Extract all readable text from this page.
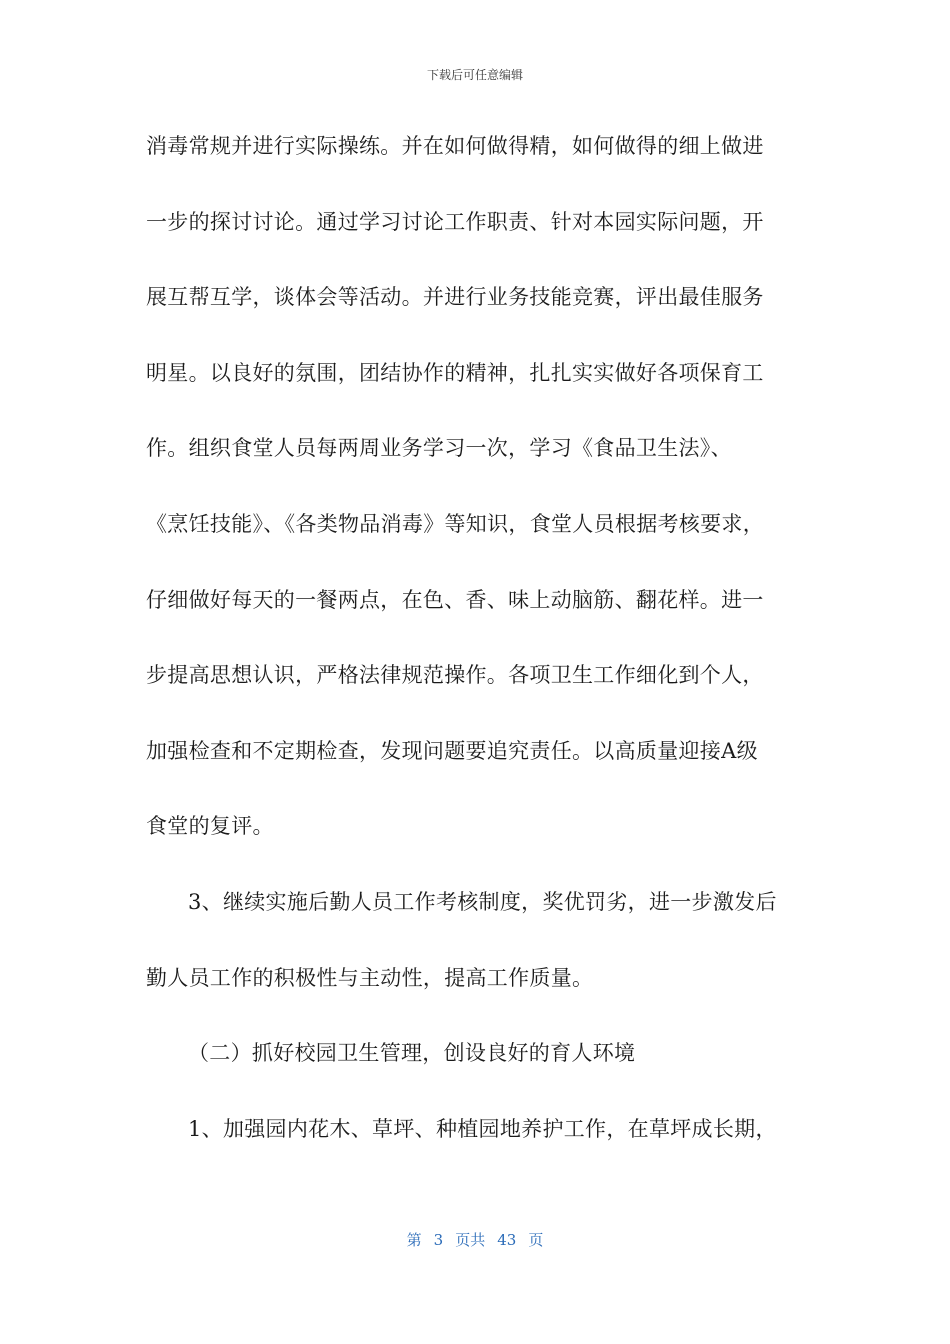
下载后可任意编辑
消毒常规并进行实际操练。并在如何做得精，如何做得的细上做进
一步的探讨讨论。通过学习讨论工作职责、针对本园实际问题，开
展互帮互学，谈体会等活动。并进行业务技能竞赛，评出最佳服务
明星。以良好的氛围，团结协作的精神，扎扎实实做好各项保育工
作。组织食堂人员每两周业务学习一次，学习《食品卫生法》、
《烹饪技能》、《各类物品消毒》等知识，食堂人员根据考核要求，
仔细做好每天的一餐两点，在色、香、味上动脑筋、翻花样。进一
步提高思想认识，严格法律规范操作。各项卫生工作细化到个人，
加强检查和不定期检查，发现问题要追究责任。以高质量迎接A级
食堂的复评。
3、继续实施后勤人员工作考核制度，奖优罚劣，进一步激发后
勤人员工作的积极性与主动性，提高工作质量。
（二）抓好校园卫生管理，创设良好的育人环境
1、加强园内花木、草坪、种植园地养护工作，在草坪成长期，
第 3 页共 43 页
